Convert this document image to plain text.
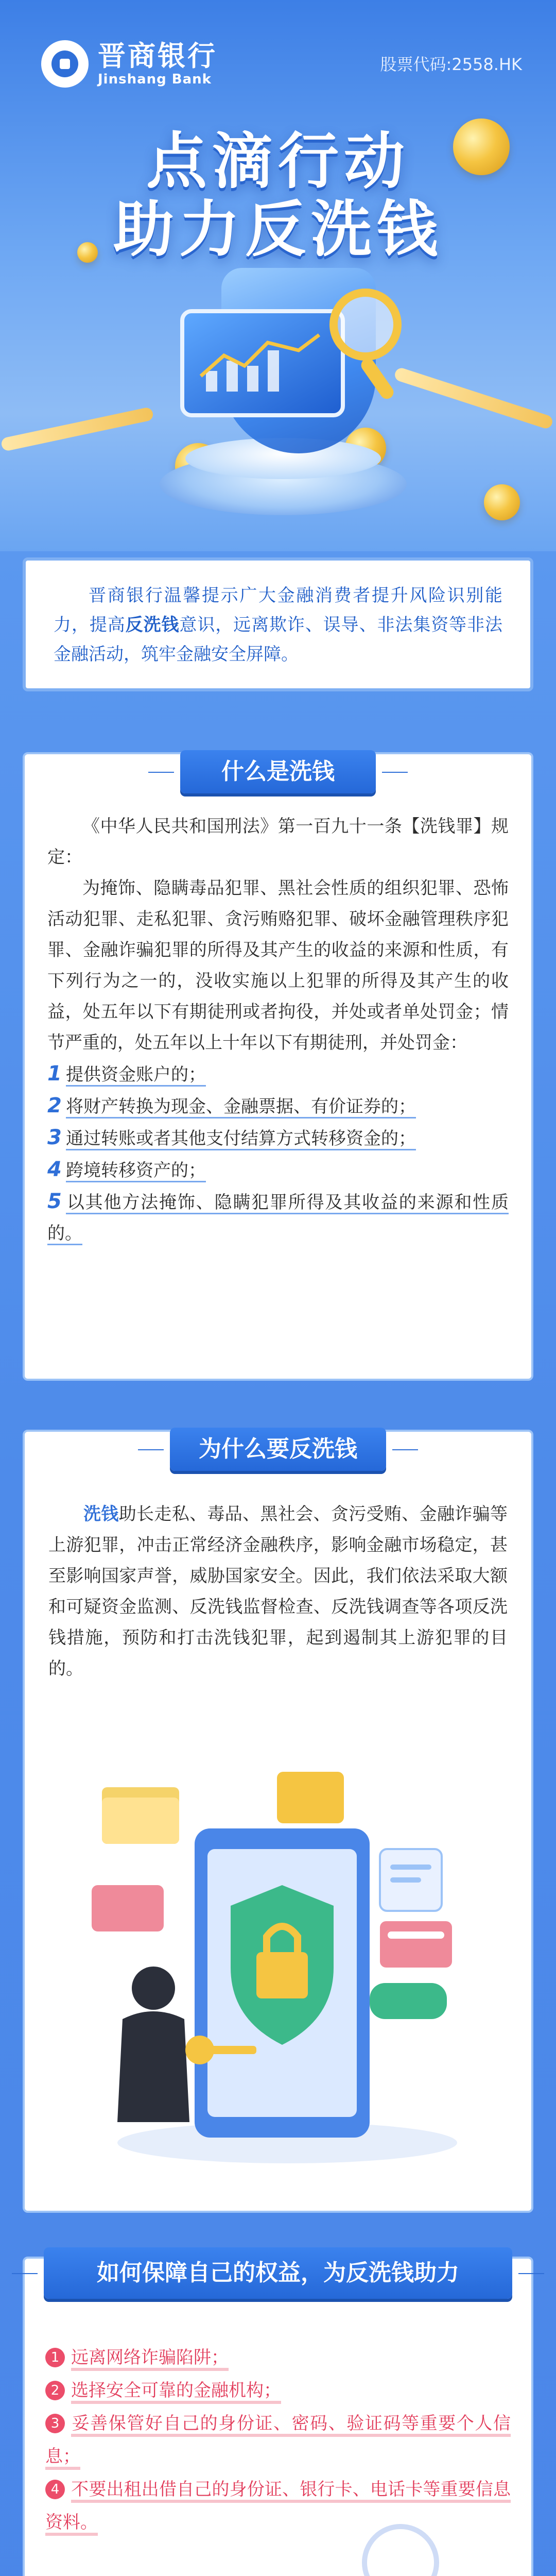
晋商银行
Jinshang Bank
股票代码:2558.HK
点滴行动
助力反洗钱

晋商银行温馨提示广大金融消费者提升风险识别能力，提高反洗钱意识，远离欺诈、误导、非法集资等非法金融活动，筑牢金融安全屏障。

什么是洗钱

《中华人民共和国刑法》第一百九十一条【洗钱罪】规定：

为掩饰、隐瞒毒品犯罪、黑社会性质的组织犯罪、恐怖活动犯罪、走私犯罪、贪污贿赂犯罪、破坏金融管理秩序犯罪、金融诈骗犯罪的所得及其产生的收益的来源和性质，有下列行为之一的，没收实施以上犯罪的所得及其产生的收益，处五年以下有期徒刑或者拘役，并处或者单处罚金；情节严重的，处五年以上十年以下有期徒刑，并处罚金：

1 提供资金账户的；
2 将财产转换为现金、金融票据、有价证券的；
3 通过转账或者其他支付结算方式转移资金的；
4 跨境转移资产的；
5 以其他方法掩饰、隐瞒犯罪所得及其收益的来源和性质的。
为什么要反洗钱

洗钱助长走私、毒品、黑社会、贪污受贿、金融诈骗等上游犯罪，冲击正常经济金融秩序，影响金融市场稳定，甚至影响国家声誉，威胁国家安全。因此，我们依法采取大额和可疑资金监测、反洗钱监督检查、反洗钱调查等各项反洗钱措施，预防和打击洗钱犯罪，起到遏制其上游犯罪的目的。

如何保障自己的权益，为反洗钱助力
1 远离网络诈骗陷阱；
2 选择安全可靠的金融机构；
3 妥善保管好自己的身份证、密码、验证码等重要个人信息；
4 不要出租出借自己的身份证、银行卡、电话卡等重要信息资料。
